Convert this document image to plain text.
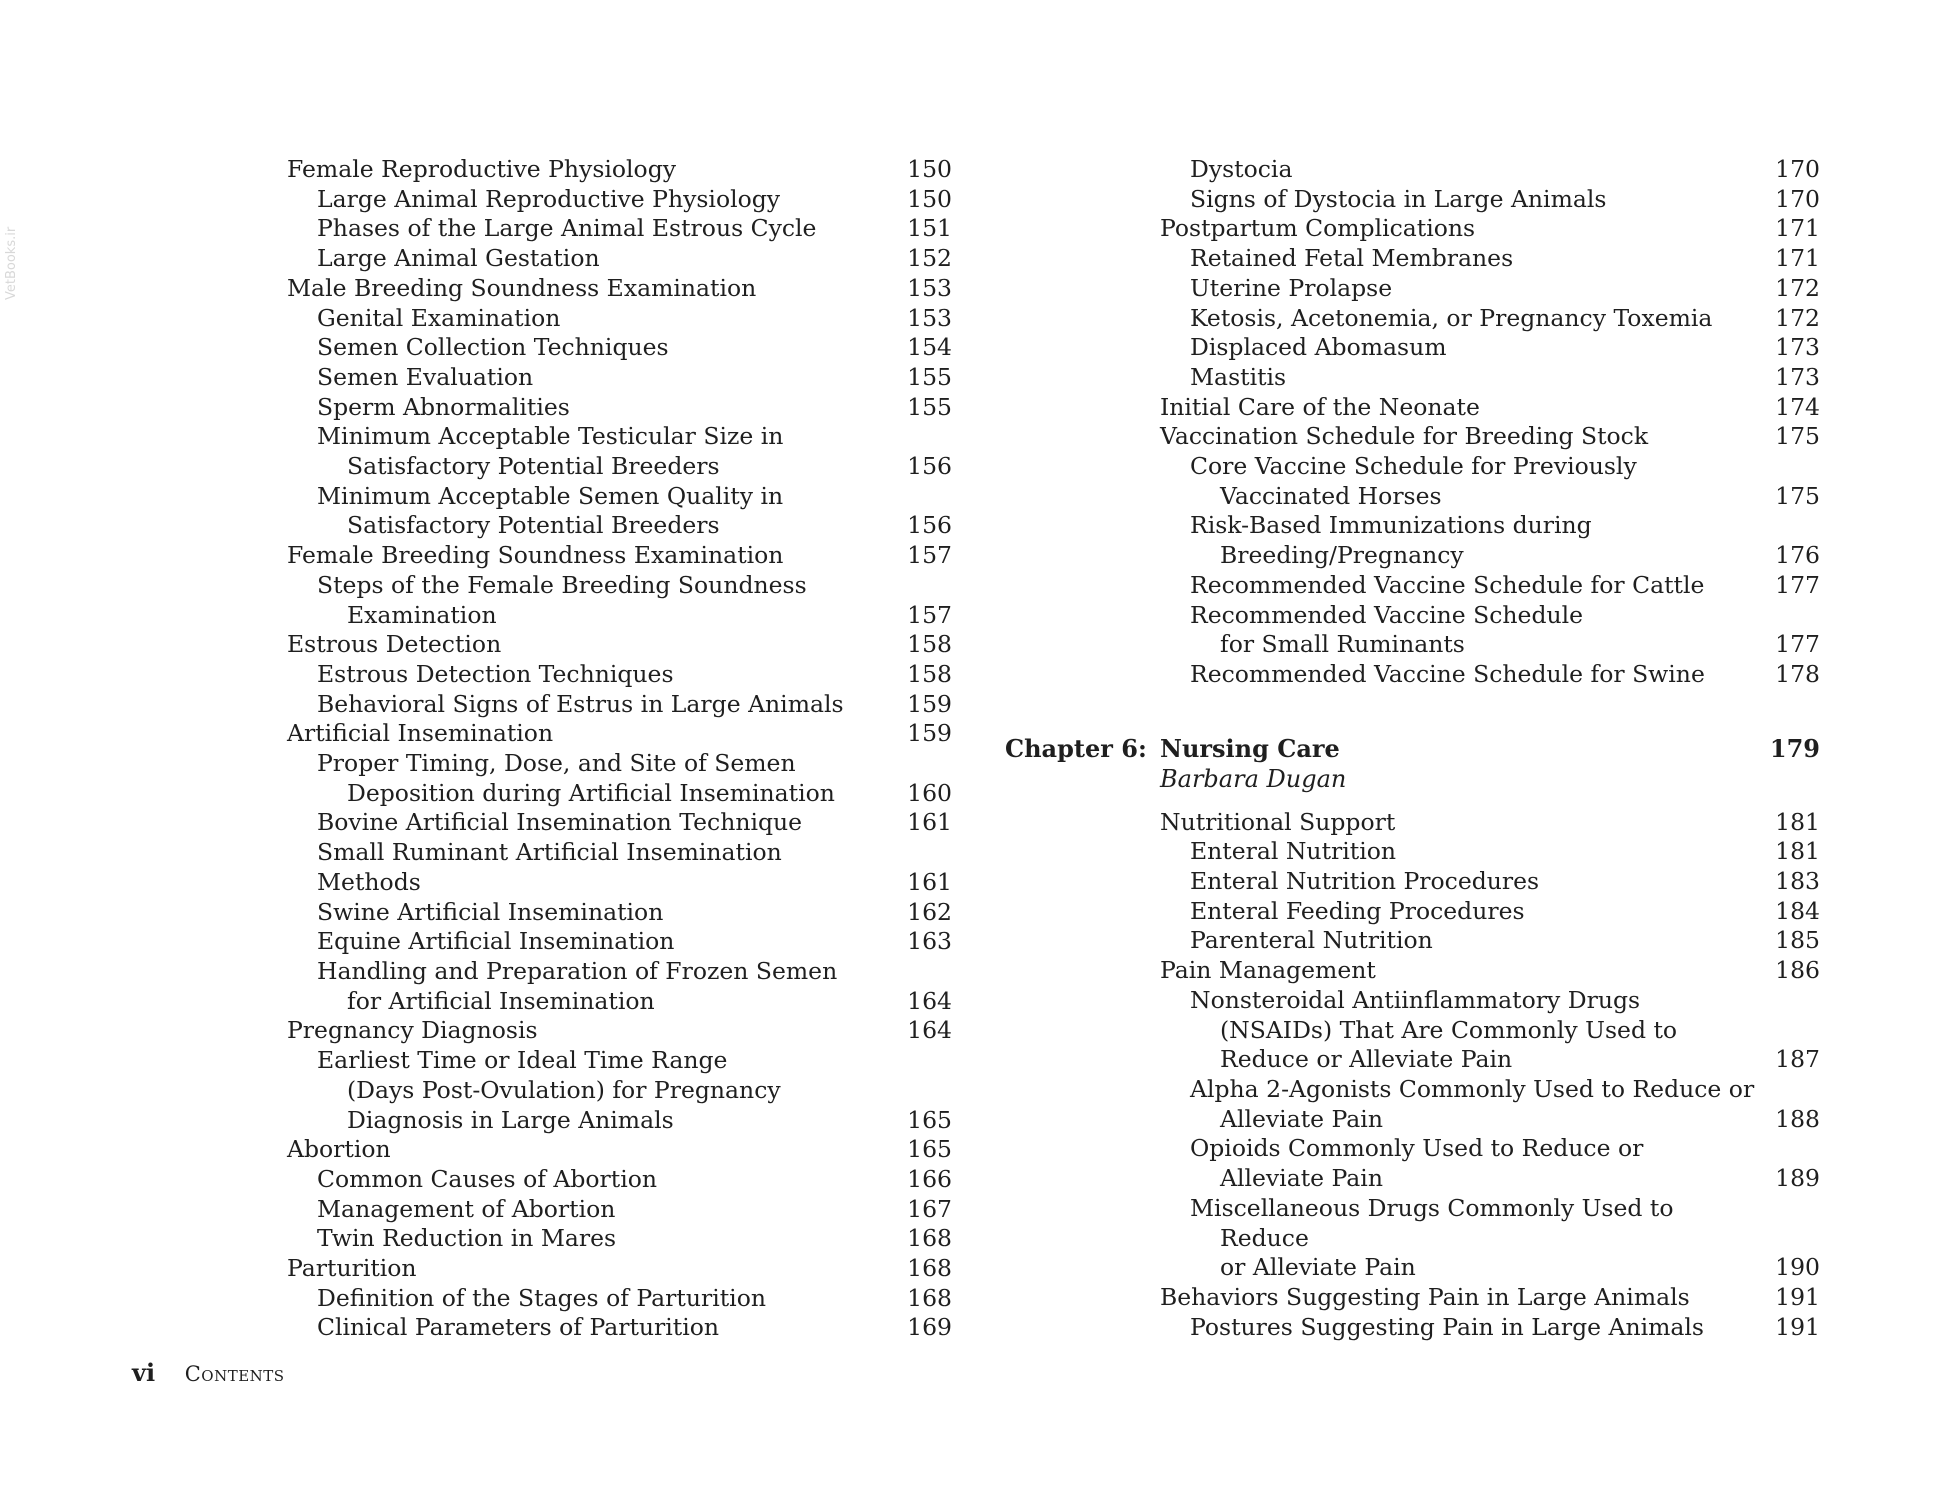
VetBooks.ir
Female Reproductive Physiology	150
Large Animal Reproductive Physiology	150
Phases of the Large Animal Estrous Cycle	151
Large Animal Gestation	152
Male Breeding Soundness Examination	153
Genital Examination	153
Semen Collection Techniques	154
Semen Evaluation	155
Sperm Abnormalities	155
Minimum Acceptable Testicular Size in
Satisfactory Potential Breeders	156
Minimum Acceptable Semen Quality in
Satisfactory Potential Breeders	156
Female Breeding Soundness Examination	157
Steps of the Female Breeding Soundness
Examination	157
Estrous Detection	158
Estrous Detection Techniques	158
Behavioral Signs of Estrus in Large Animals	159
Artificial Insemination	159
Proper Timing, Dose, and Site of Semen
Deposition during Artificial Insemination	160
Bovine Artificial Insemination Technique	161
Small Ruminant Artificial Insemination Methods	161
Swine Artificial Insemination	162
Equine Artificial Insemination	163
Handling and Preparation of Frozen Semen
for Artificial Insemination	164
Pregnancy Diagnosis	164
Earliest Time or Ideal Time Range
(Days Post-Ovulation) for Pregnancy
Diagnosis in Large Animals	165
Abortion	165
Common Causes of Abortion	166
Management of Abortion	167
Twin Reduction in Mares	168
Parturition	168
Definition of the Stages of Parturition	168
Clinical Parameters of Parturition	169
Dystocia	170
Signs of Dystocia in Large Animals	170
Postpartum Complications	171
Retained Fetal Membranes	171
Uterine Prolapse	172
Ketosis, Acetonemia, or Pregnancy Toxemia	172
Displaced Abomasum	173
Mastitis	173
Initial Care of the Neonate	174
Vaccination Schedule for Breeding Stock	175
Core Vaccine Schedule for Previously
Vaccinated Horses	175
Risk-Based Immunizations during
Breeding/Pregnancy	176
Recommended Vaccine Schedule for Cattle	177
Recommended Vaccine Schedule
for Small Ruminants	177
Recommended Vaccine Schedule for Swine	178
Chapter 6: Nursing Care	179
Barbara Dugan
Nutritional Support	181
Enteral Nutrition	181
Enteral Nutrition Procedures	183
Enteral Feeding Procedures	184
Parenteral Nutrition	185
Pain Management	186
Nonsteroidal Antiinflammatory Drugs
(NSAIDs) That Are Commonly Used to
Reduce or Alleviate Pain	187
Alpha 2-Agonists Commonly Used to Reduce or
Alleviate Pain	188
Opioids Commonly Used to Reduce or
Alleviate Pain	189
Miscellaneous Drugs Commonly Used to Reduce
or Alleviate Pain	190
Behaviors Suggesting Pain in Large Animals	191
Postures Suggesting Pain in Large Animals	191
vi Contents
